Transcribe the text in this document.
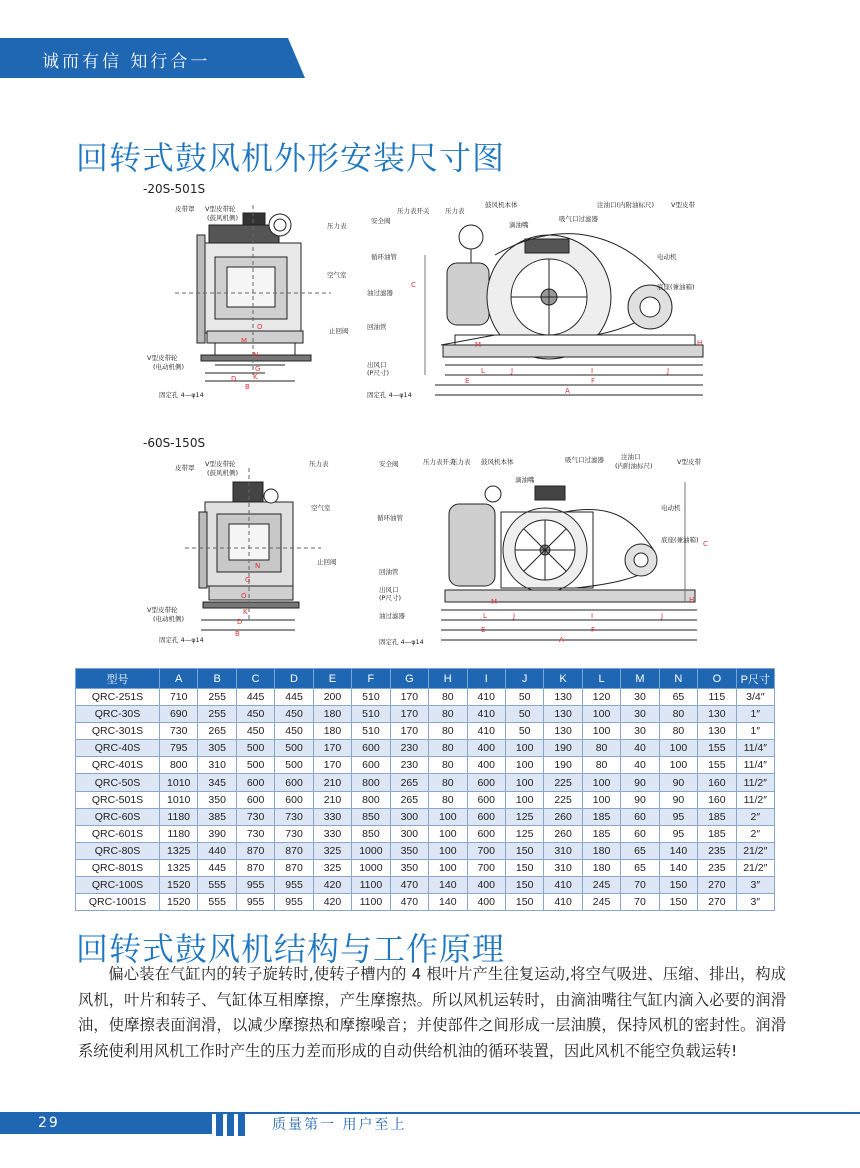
诚而有信 知行合一
回转式鼓风机外形安装尺寸图
-20S-501S
皮带罩 V型皮带轮
(鼓风机侧)
压力表
空气室
止回阀
V型皮带轮
(电动机侧)
固定孔 4—φ14
O
M
N
G
D K
B
压力表开关
安全阀
压力表
鼓风机本体
滴油嘴
吸气口过滤器
注油口(内附油标尺)	V型皮带
循环油管	电动机
底座(兼油箱)
油过滤器
回油管
出风口
(P尺寸)
固定孔 4—φ14
C
M
L	J	I	J
E	F
A
H
-60S-150S
皮带罩 V型皮带轮
(鼓风机侧)
压力表
空气室
止回阀
V型皮带轮
(电动机侧)
固定孔 4—φ14
N
G
O
K
D
B
安全阀	压力表开关
压力表 鼓风机本体
滴油嘴
吸气口过滤器	注油口
(内附油标尺)	V型皮带
循环油管
电动机
底座(兼油箱)
回油管
出风口
(P尺寸)
油过滤器
固定孔 4—φ14
C
M
L	J	I	J
E	F
A
H
型号	A	B	C	D	E	F	G	H	I	J	K	L	M	N	O	P尺寸
QRC-251S	710	255	445	445	200	510	170	80	410	50	130	120	30	65	115	3/4″
QRC-30S	690	255	450	450	180	510	170	80	410	50	130	100	30	80	130	1″
QRC-301S	730	265	450	450	180	510	170	80	410	50	130	100	30	80	130	1″
QRC-40S	795	305	500	500	170	600	230	80	400	100	190	80	40	100	155	11/4″
QRC-401S	800	310	500	500	170	600	230	80	400	100	190	80	40	100	155	11/4″
QRC-50S	1010	345	600	600	210	800	265	80	600	100	225	100	90	90	160	11/2″
QRC-501S	1010	350	600	600	210	800	265	80	600	100	225	100	90	90	160	11/2″
QRC-60S	1180	385	730	730	330	850	300	100	600	125	260	185	60	95	185	2″
QRC-601S	1180	390	730	730	330	850	300	100	600	125	260	185	60	95	185	2″
QRC-80S	1325	440	870	870	325	1000	350	100	700	150	310	180	65	140	235	21/2″
QRC-801S	1325	445	870	870	325	1000	350	100	700	150	310	180	65	140	235	21/2″
QRC-100S	1520	555	955	955	420	1100	470	140	400	150	410	245	70	150	270	3″
QRC-1001S	1520	555	955	955	420	1100	470	140	400	150	410	245	70	150	270	3″
回转式鼓风机结构与工作原理

偏心装在气缸内的转子旋转时,使转子槽内的 4 根叶片产生往复运动,将空气吸进、压缩、排出，构成风机，叶片和转子、气缸体互相摩擦，产生摩擦热。所以风机运转时，由滴油嘴往气缸内滴入必要的润滑油，使摩擦表面润滑，以减少摩擦热和摩擦噪音；并使部件之间形成一层油膜，保持风机的密封性。润滑系统使利用风机工作时产生的压力差而形成的自动供给机油的循环装置，因此风机不能空负载运转!

29	质量第一 用户至上
